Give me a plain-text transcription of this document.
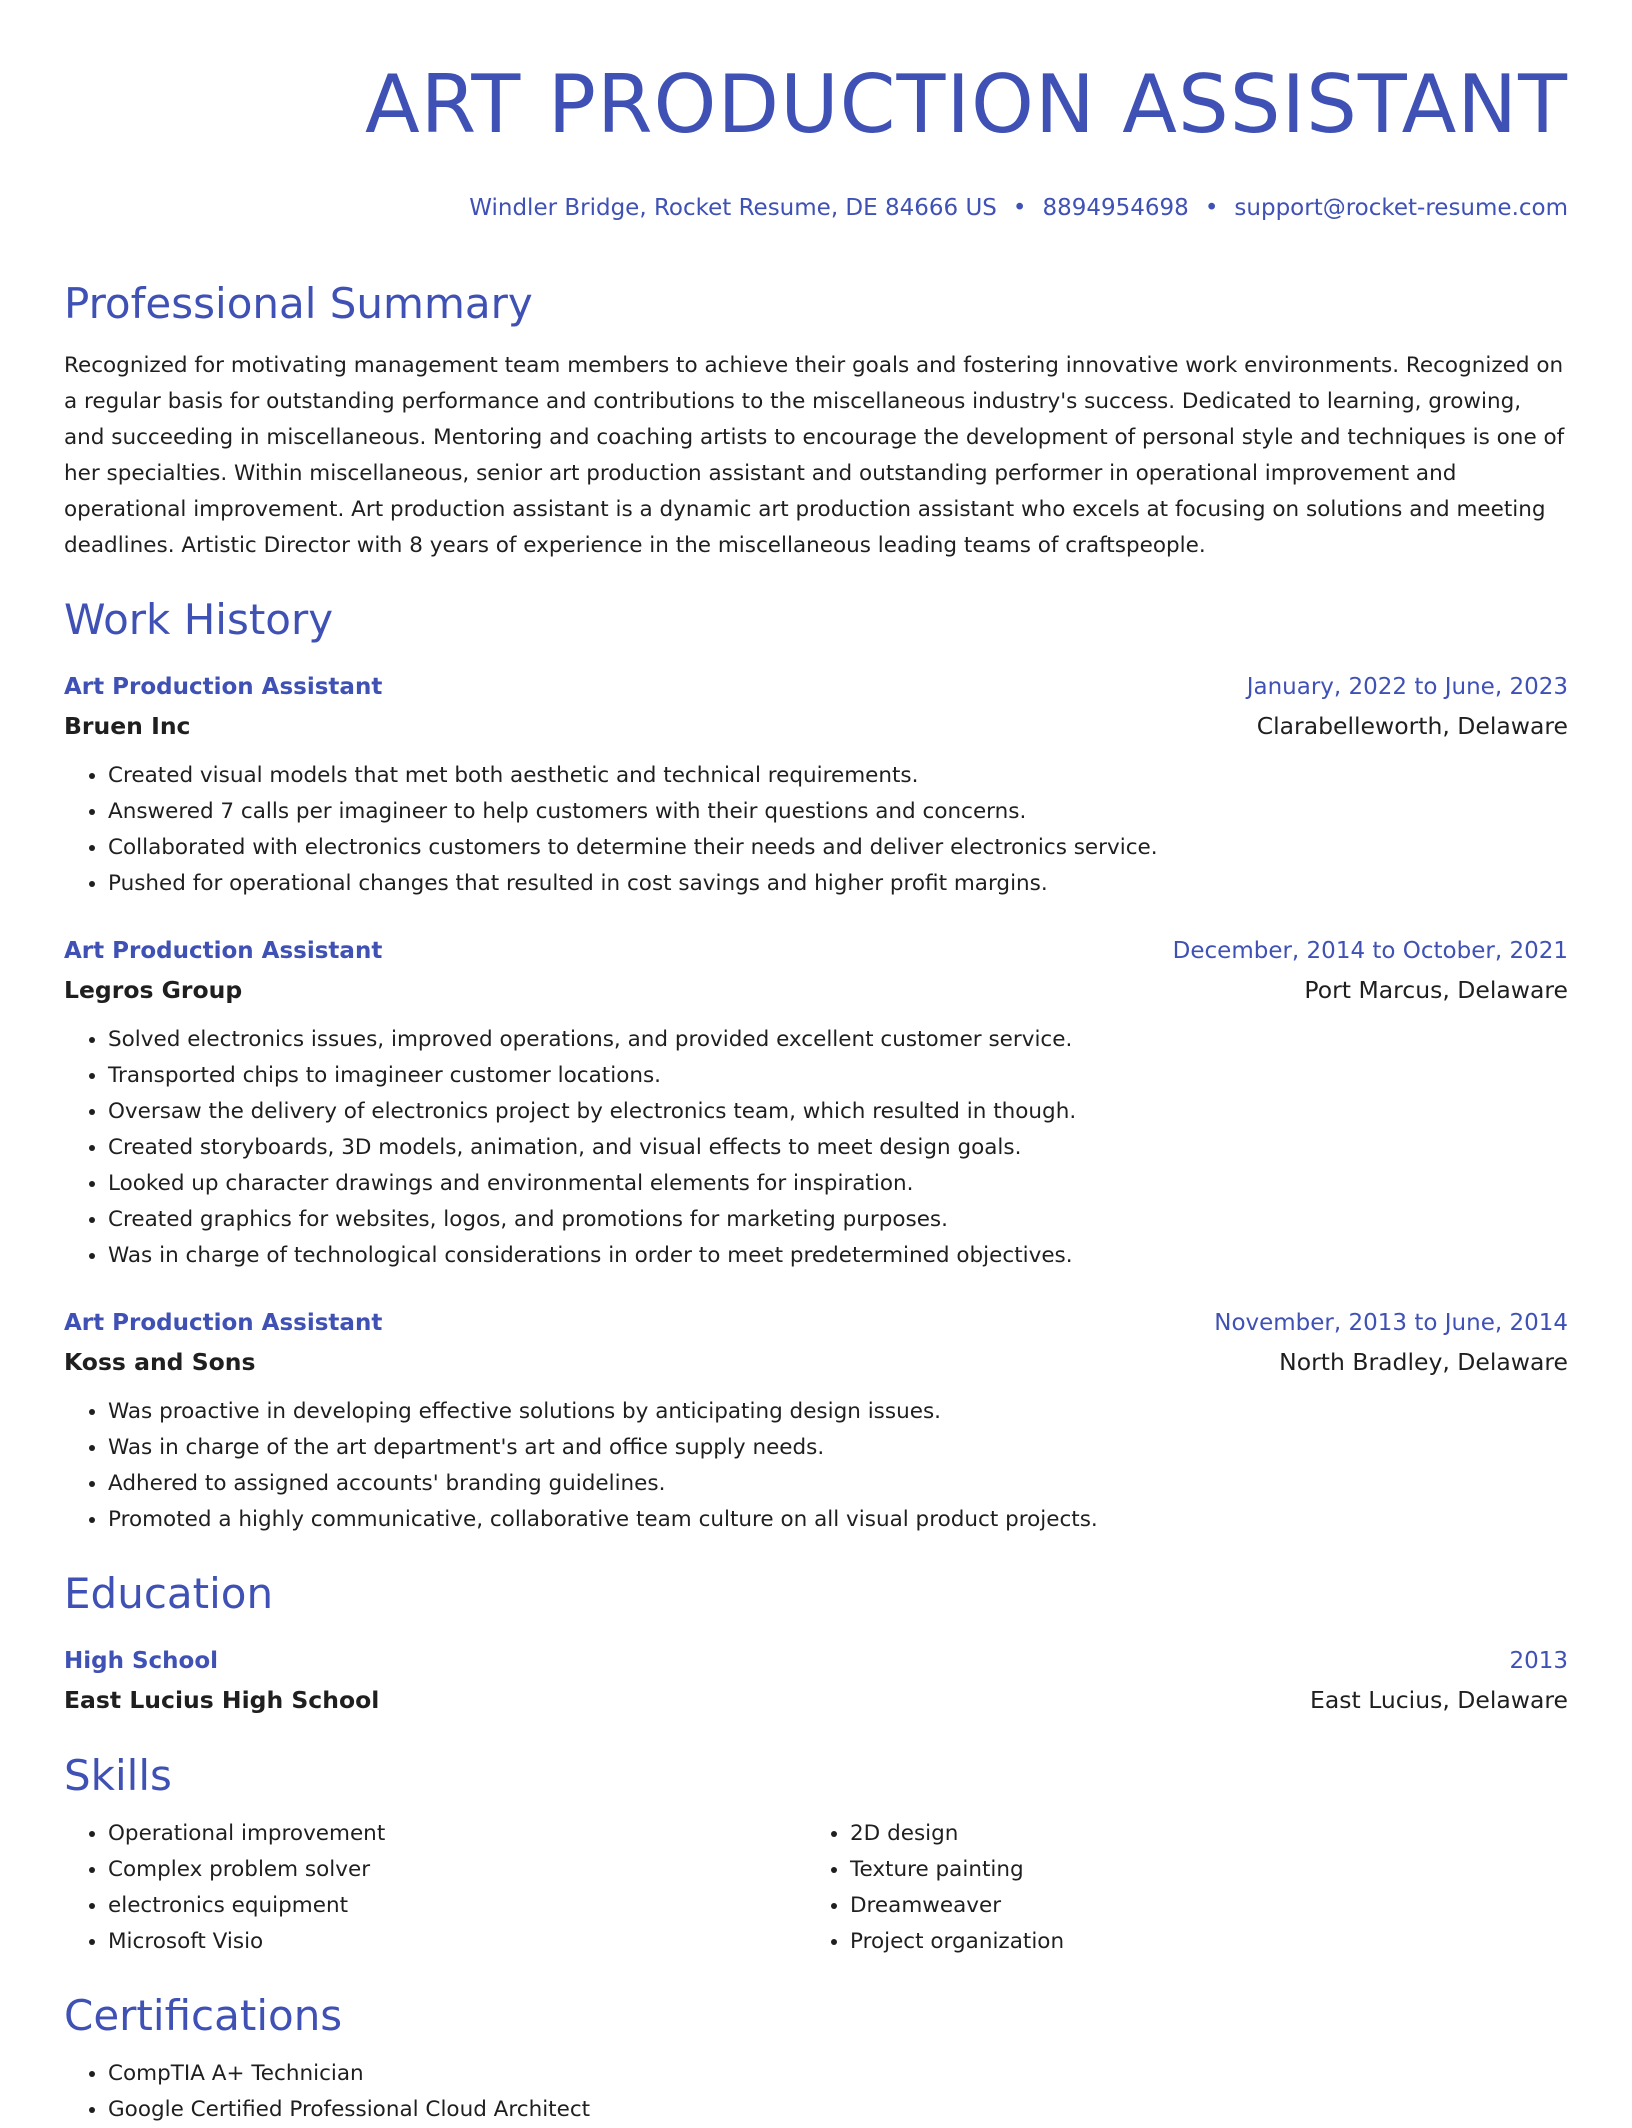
ART PRODUCTION ASSISTANT
Windler Bridge, Rocket Resume, DE 84666 US • 8894954698 • support@rocket-resume.com
Professional Summary
Recognized for motivating management team members to achieve their goals and fostering innovative work environments. Recognized on a regular basis for outstanding performance and contributions to the miscellaneous industry's success. Dedicated to learning, growing, and succeeding in miscellaneous. Mentoring and coaching artists to encourage the development of personal style and techniques is one of her specialties. Within miscellaneous, senior art production assistant and outstanding performer in operational improvement and operational improvement. Art production assistant is a dynamic art production assistant who excels at focusing on solutions and meeting deadlines. Artistic Director with 8 years of experience in the miscellaneous leading teams of craftspeople.
Work History
Art Production Assistant	January, 2022 to June, 2023
Bruen Inc	Clarabelleworth, Delaware
• Created visual models that met both aesthetic and technical requirements.
• Answered 7 calls per imagineer to help customers with their questions and concerns.
• Collaborated with electronics customers to determine their needs and deliver electronics service.
• Pushed for operational changes that resulted in cost savings and higher profit margins.
Art Production Assistant	December, 2014 to October, 2021
Legros Group	Port Marcus, Delaware
• Solved electronics issues, improved operations, and provided excellent customer service.
• Transported chips to imagineer customer locations.
• Oversaw the delivery of electronics project by electronics team, which resulted in though.
• Created storyboards, 3D models, animation, and visual effects to meet design goals.
• Looked up character drawings and environmental elements for inspiration.
• Created graphics for websites, logos, and promotions for marketing purposes.
• Was in charge of technological considerations in order to meet predetermined objectives.
Art Production Assistant	November, 2013 to June, 2014
Koss and Sons	North Bradley, Delaware
• Was proactive in developing effective solutions by anticipating design issues.
• Was in charge of the art department's art and office supply needs.
• Adhered to assigned accounts' branding guidelines.
• Promoted a highly communicative, collaborative team culture on all visual product projects.
Education
High School	2013
East Lucius High School	East Lucius, Delaware
Skills
• Operational improvement
• Complex problem solver
• electronics equipment
• Microsoft Visio
• 2D design
• Texture painting
• Dreamweaver
• Project organization
Certifications
• CompTIA A+ Technician
• Google Certified Professional Cloud Architect
